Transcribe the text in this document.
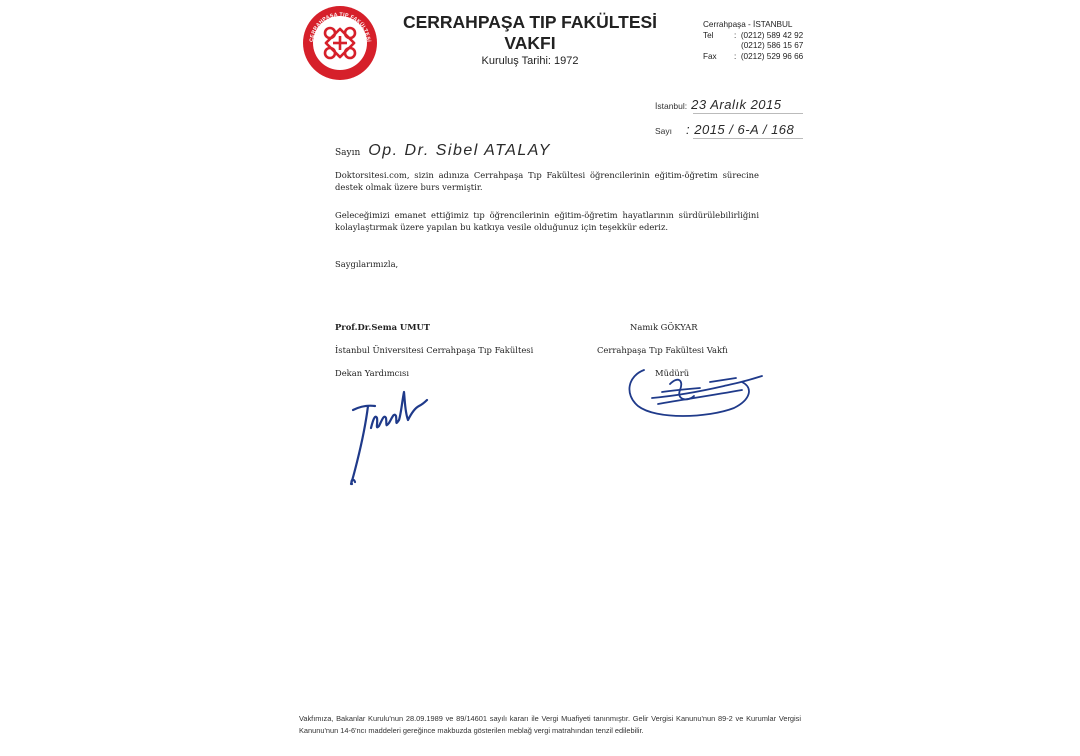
CERRAHPAŞA TIP FAKÜLTESİ
VAKFI 1972
CERRAHPAŞA TIP FAKÜLTESİ
VAKFI
Kuruluş Tarihi: 1972
Cerrahpaşa - İSTANBUL
Tel	:  (0212) 589 42 92
(0212) 586 15 67
Fax	:  (0212) 529 96 66
İstanbul: 23 Aralık 2015
Sayı : 2015 / 6-A / 168
Sayın Op. Dr. Sibel ATALAY

Doktorsitesi.com, sizin adınıza Cerrahpaşa Tıp Fakültesi öğrencilerinin eğitim-öğretim sürecine destek olmak üzere burs vermiştir.

Geleceğimizi emanet ettiğimiz tıp öğrencilerinin eğitim-öğretim hayatlarının sürdürülebilirliğini kolaylaştırmak üzere yapılan bu katkıya vesile olduğunuz için teşekkür ederiz.

Saygılarımızla,

Prof.Dr.Sema UMUT
İstanbul Üniversitesi Cerrahpaşa Tıp Fakültesi
Dekan Yardımcısı
Namık GÖKYAR
Cerrahpaşa Tıp Fakültesi Vakfı
Müdürü

Vakfımıza, Bakanlar Kurulu'nun 28.09.1989 ve 89/14601 sayılı kararı ile Vergi Muafiyeti tanınmıştır. Gelir Vergisi Kanunu'nun 89-2 ve Kurumlar Vergisi Kanunu'nun 14-6'ncı maddeleri gereğince makbuzda gösterilen meblağ vergi matrahından tenzil edilebilir.
